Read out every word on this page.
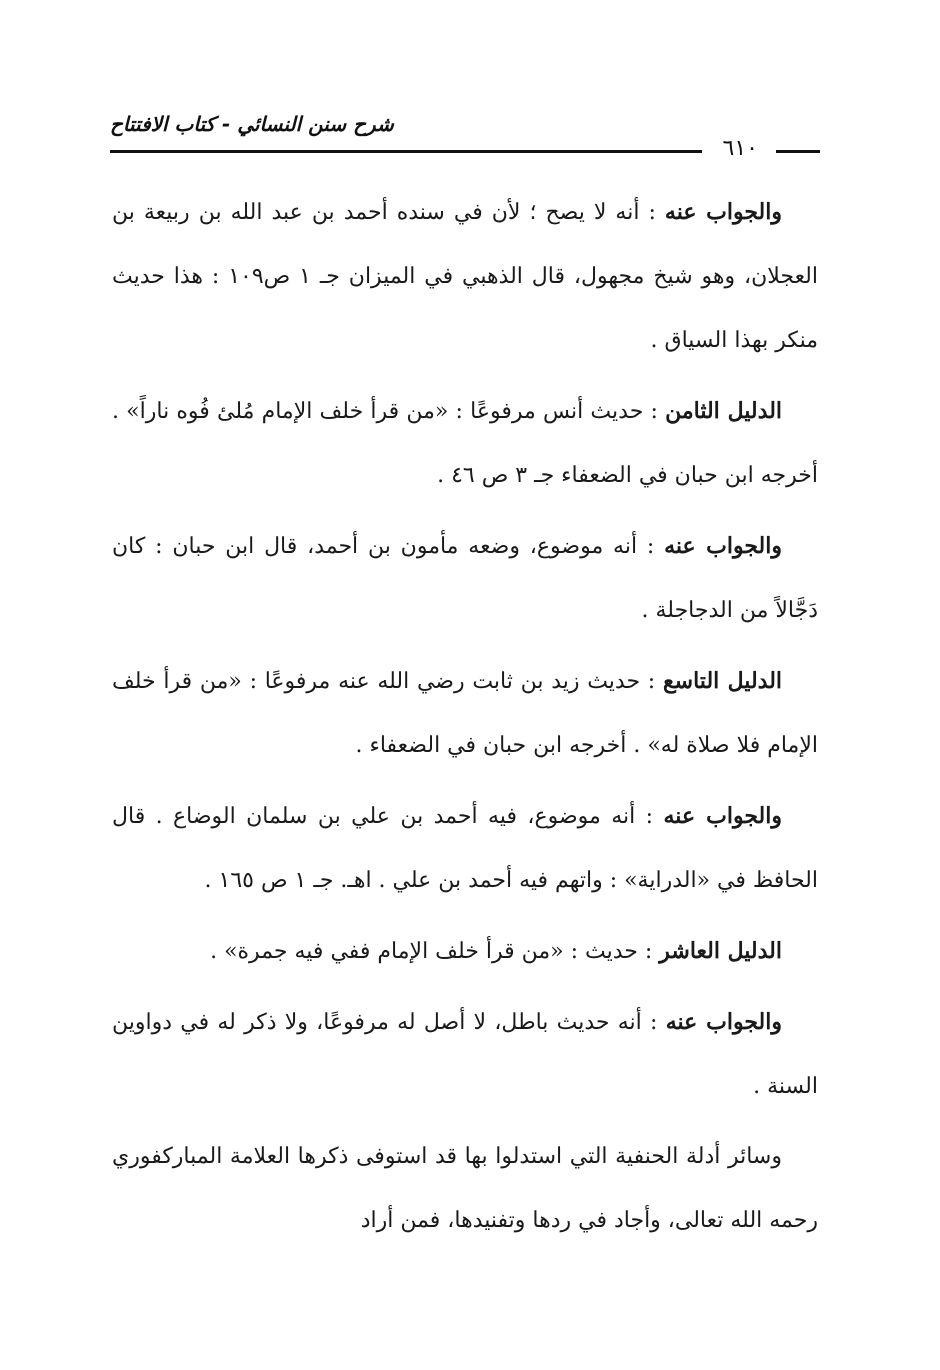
شرح سنن النسائي - كتاب الافتتاح
٦١٠

والجواب عنه : أنه لا يصح ؛ لأن في سنده أحمد بن عبد الله بن ربيعة بن العجلان، وهو شيخ مجهول، قال الذهبي في الميزان جـ ١ ص١٠٩ : هذا حديث منكر بهذا السياق .

الدليل الثامن : حديث أنس مرفوعًا : «من قرأ خلف الإمام مُلئ فُوه ناراً» . أخرجه ابن حبان في الضعفاء جـ ٣ ص ٤٦ .

والجواب عنه : أنه موضوع، وضعه مأمون بن أحمد، قال ابن حبان : كان دَجَّالاً من الدجاجلة .

الدليل التاسع : حديث زيد بن ثابت رضي الله عنه مرفوعًا : «من قرأ خلف الإمام فلا صلاة له» . أخرجه ابن حبان في الضعفاء .

والجواب عنه : أنه موضوع، فيه أحمد بن علي بن سلمان الوضاع . قال الحافظ في «الدراية» : واتهم فيه أحمد بن علي . اهـ. جـ ١ ص ١٦٥ .

الدليل العاشر : حديث : «من قرأ خلف الإمام ففي فيه جمرة» .

والجواب عنه : أنه حديث باطل، لا أصل له مرفوعًا، ولا ذكر له في دواوين السنة .

وسائر أدلة الحنفية التي استدلوا بها قد استوفى ذكرها العلامة المباركفوري رحمه الله تعالى، وأجاد في ردها وتفنيدها، فمن أراد
